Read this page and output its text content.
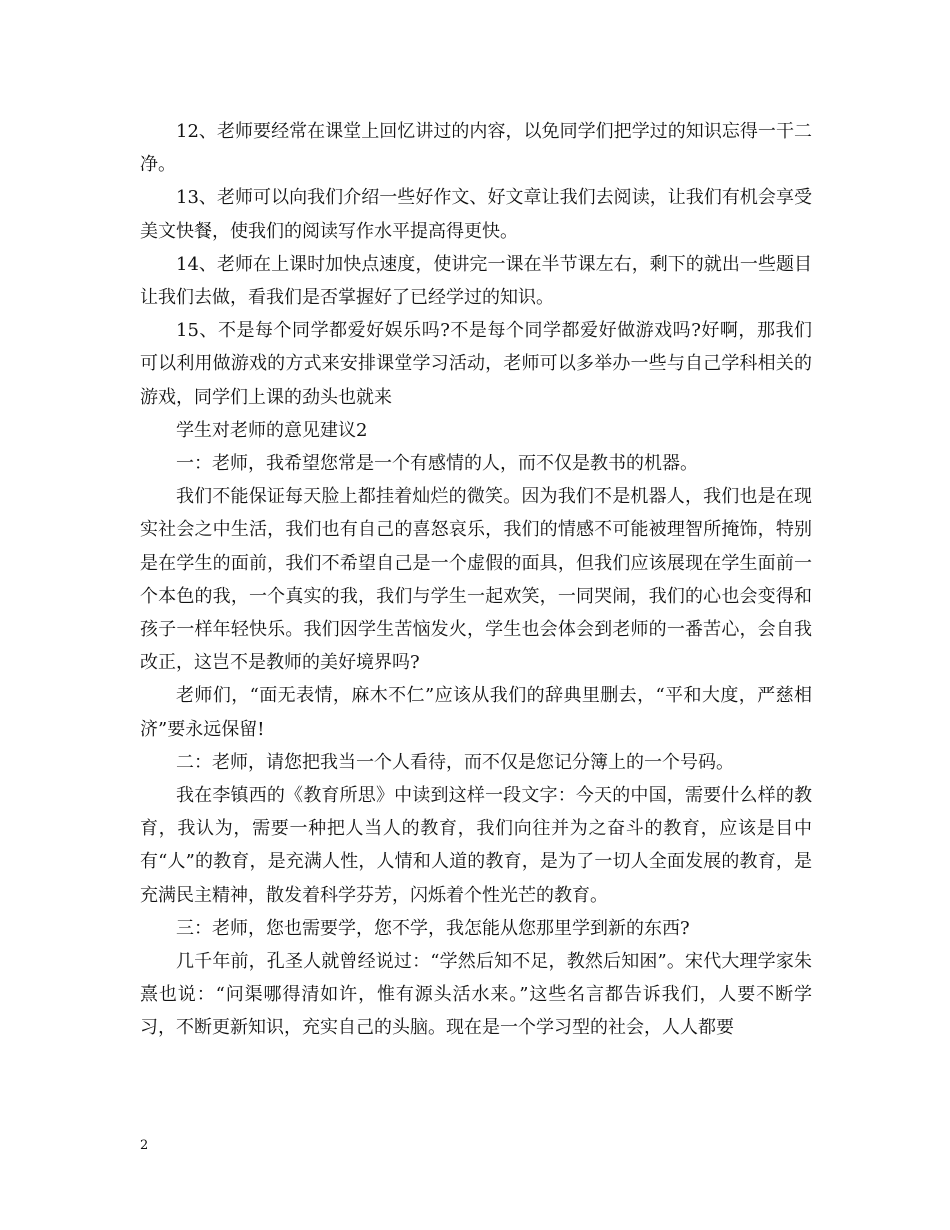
12、老师要经常在课堂上回忆讲过的内容，以免同学们把学过的知识忘得一干二净。

13、老师可以向我们介绍一些好作文、好文章让我们去阅读，让我们有机会享受美文快餐，使我们的阅读写作水平提高得更快。

14、老师在上课时加快点速度，使讲完一课在半节课左右，剩下的就出一些题目让我们去做，看我们是否掌握好了已经学过的知识。

15、不是每个同学都爱好娱乐吗?不是每个同学都爱好做游戏吗?好啊，那我们可以利用做游戏的方式来安排课堂学习活动，老师可以多举办一些与自己学科相关的游戏，同学们上课的劲头也就来

学生对老师的意见建议2

一：老师，我希望您常是一个有感情的人，而不仅是教书的机器。

我们不能保证每天脸上都挂着灿烂的微笑。因为我们不是机器人，我们也是在现实社会之中生活，我们也有自己的喜怒哀乐，我们的情感不可能被理智所掩饰，特别是在学生的面前，我们不希望自己是一个虚假的面具，但我们应该展现在学生面前一个本色的我，一个真实的我，我们与学生一起欢笑，一同哭闹，我们的心也会变得和孩子一样年轻快乐。我们因学生苦恼发火，学生也会体会到老师的一番苦心，会自我改正，这岂不是教师的美好境界吗?

老师们，“面无表情，麻木不仁”应该从我们的辞典里删去，“平和大度，严慈相济”要永远保留!

二：老师，请您把我当一个人看待，而不仅是您记分簿上的一个号码。

我在李镇西的《教育所思》中读到这样一段文字：今天的中国，需要什么样的教育，我认为，需要一种把人当人的教育，我们向往并为之奋斗的教育，应该是目中有“人”的教育，是充满人性，人情和人道的教育，是为了一切人全面发展的教育，是充满民主精神，散发着科学芬芳，闪烁着个性光芒的教育。

三：老师，您也需要学，您不学，我怎能从您那里学到新的东西?

几千年前，孔圣人就曾经说过：“学然后知不足，教然后知困”。宋代大理学家朱熹也说：“问渠哪得清如许，惟有源头活水来。”这些名言都告诉我们，人要不断学习，不断更新知识，充实自己的头脑。现在是一个学习型的社会，人人都要

2
